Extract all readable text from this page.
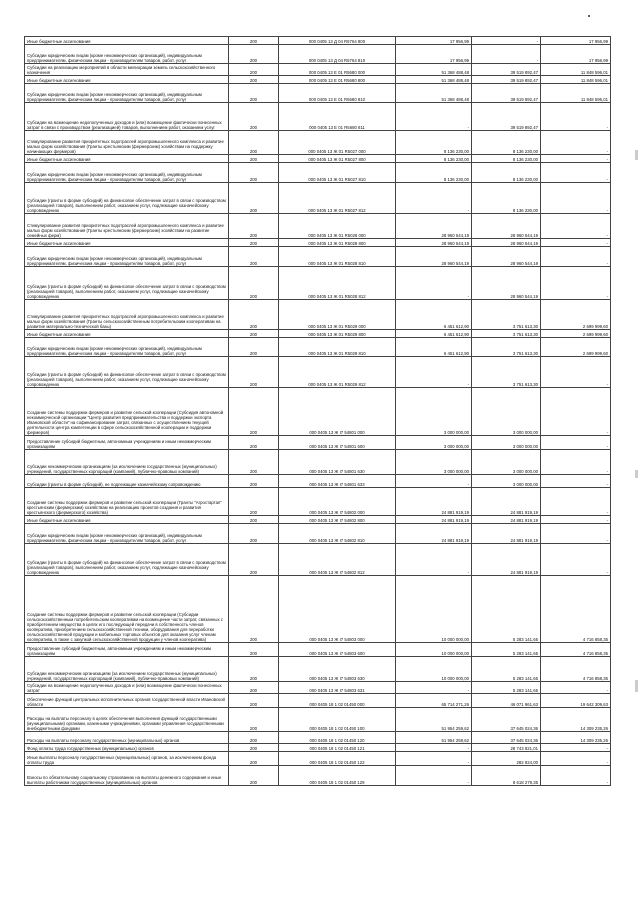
Иные бюджетные ассигнования	200	000 0405 13 Д 04 R5764 800	17 956,99	-	17 956,99
Субсидии юридическим лицам (кроме некоммерческих организаций), индивидуальным предпринимателям, физическим лицам - производителям товаров, работ, услуг	200	000 0405 13 Д 04 R5764 810	17 956,99	-	17 956,99
Субсидии на реализацию мероприятий в области мелиорации земель сельскохозяйственного назначения	200	000 0405 13 Е 01 R5680 000	51 368 488,48	39 519 892,47	11 848 596,01
Иные бюджетные ассигнования	200	000 0405 13 Е 01 R5680 800	51 368 488,48	39 519 892,47	11 848 596,01
Субсидии юридическим лицам (кроме некоммерческих организаций), индивидуальным предпринимателям, физическим лицам - производителям товаров, работ, услуг	200	000 0405 13 Е 01 R5680 810	51 368 488,48	39 519 892,47	11 848 596,01
Субсидии на возмещение недополученных доходов и (или) возмещение фактически понесенных затрат в связи с производством (реализацией) товаров, выполнением работ, оказанием услуг	200	000 0405 13 Е 01 R5680 811	-	39 519 892,47	-
Стимулирование развития приоритетных подотраслей агропромышленного комплекса и развитие малых форм хозяйствования (Гранты крестьянским (фермерским) хозяйствам на поддержку начинающих фермеров)	200	000 0405 13 Ж 01 R5027 000	8 136 230,00	8 136 230,00	-
Иные бюджетные ассигнования	200	000 0405 13 Ж 01 R5027 800	8 136 230,00	8 136 230,00	-
Субсидии юридическим лицам (кроме некоммерческих организаций), индивидуальным предпринимателям, физическим лицам - производителям товаров, работ, услуг	200	000 0405 13 Ж 01 R5027 810	8 136 230,00	8 136 230,00	-
Субсидии (гранты в форме субсидий) на финансовое обеспечение затрат в связи с производством (реализацией товаров), выполнением работ, оказанием услуг, подлежащие казначейскому сопровождению	200	000 0405 13 Ж 01 R5027 812	-	8 136 230,00	-
Стимулирование развития приоритетных подотраслей агропромышленного комплекса и развитие малых форм хозяйствования (Гранты крестьянским (фермерским) хозяйствам на развитие семейных ферм)	200	000 0405 13 Ж 01 R5028 000	28 960 544,19	28 960 544,19	-
Иные бюджетные ассигнования	200	000 0405 13 Ж 01 R5028 800	28 960 544,19	28 960 544,19	-
Субсидии юридическим лицам (кроме некоммерческих организаций), индивидуальным предпринимателям, физическим лицам - производителям товаров, работ, услуг	200	000 0405 13 Ж 01 R5028 810	28 960 544,19	28 960 544,19	-
Субсидии (гранты в форме субсидий) на финансовое обеспечение затрат в связи с производством (реализацией товаров), выполнением работ, оказанием услуг, подлежащие казначейскому сопровождению	200	000 0405 13 Ж 01 R5028 812	-	28 960 544,19	-
Стимулирование развития приоритетных подотраслей агропромышленного комплекса и развитие малых форм хозяйствования (Гранты сельскохозяйственным потребительским кооперативам на развитие материально-технической базы)	200	000 0405 13 Ж 01 R5029 000	6 451 612,90	3 751 613,30	2 699 999,60
Иные бюджетные ассигнования	200	000 0405 13 Ж 01 R5029 800	6 451 612,90	3 751 613,30	2 699 999,60
Субсидии юридическим лицам (кроме некоммерческих организаций), индивидуальным предпринимателям, физическим лицам - производителям товаров, работ, услуг	200	000 0405 13 Ж 01 R5029 810	6 451 612,90	3 751 613,30	2 699 999,60
Субсидии (гранты в форме субсидий) на финансовое обеспечение затрат в связи с производством (реализацией товаров), выполнением работ, оказанием услуг, подлежащие казначейскому сопровождению	200	000 0405 13 Ж 01 R5029 812	-	3 751 613,30	-
Создание системы поддержки фермеров и развитие сельской кооперации (Субсидия автономной некоммерческой организации "Центр развития предпринимательства и поддержки экспорта Ивановской области" на софинансирование затрат, связанных с осуществлением текущей деятельности центра компетенции в сфере сельскохозяйственной кооперации и поддержки фермеров)	200	000 0405 13 Ж I7 54801 000	3 000 000,00	3 000 000,00	-
Предоставление субсидий бюджетным, автономным учреждениям и иным некоммерческим организациям	200	000 0405 13 Ж I7 54801 600	3 000 000,00	3 000 000,00	-
Субсидии некоммерческим организациям (за исключением государственных (муниципальных) учреждений, государственных корпораций (компаний), публично-правовых компаний)	200	000 0405 13 Ж I7 54801 630	3 000 000,00	3 000 000,00	-
Субсидии (гранты в форме субсидий), не подлежащие казначейскому сопровождению	200	000 0405 13 Ж I7 54801 633	-	3 000 000,00	-
Создание системы поддержки фермеров и развитие сельской кооперации (Гранты "Агростартап" крестьянским (фермерским) хозяйствам на реализацию проектов создания и развития крестьянского (фермерского) хозяйства)	200	000 0405 13 Ж I7 54802 000	24 881 919,19	24 881 919,19	-
Иные бюджетные ассигнования	200	000 0405 13 Ж I7 54802 800	24 881 919,19	24 881 919,19	-
Субсидии юридическим лицам (кроме некоммерческих организаций), индивидуальным предпринимателям, физическим лицам - производителям товаров, работ, услуг	200	000 0405 13 Ж I7 54802 810	24 881 919,19	24 881 919,19	-
Субсидии (гранты в форме субсидий) на финансовое обеспечение затрат в связи с производством (реализацией товаров), выполнением работ, оказанием услуг, подлежащие казначейскому сопровождению	200	000 0405 13 Ж I7 54802 812	-	24 881 919,19	-
Создание системы поддержки фермеров и развитие сельской кооперации (Субсидии сельскохозяйственным потребительским кооперативам на возмещение части затрат, связанных с приобретением имущества в целях его последующей передачи в собственность членов кооператива, приобретением сельскохозяйственной техники, оборудования для переработки сельскохозяйственной продукции и мобильных торговых объектов для оказания услуг членам кооператива, в также с закупкой сельскохозяйственной продукции у членов кооператива)	200	000 0405 13 Ж I7 54803 000	10 000 000,00	5 283 141,65	4 716 858,35
Предоставление субсидий бюджетным, автономным учреждениям и иным некоммерческим организациям	200	000 0405 13 Ж I7 54803 600	10 000 000,00	5 283 141,65	4 716 858,35
Субсидии некоммерческим организациям (за исключением государственных (муниципальных) учреждений, государственных корпораций (компаний), публично-правовых компаний)	200	000 0405 13 Ж I7 54803 630	10 000 000,00	5 283 141,65	4 716 858,35
Субсидии на возмещение недополученных доходов и (или) возмещение фактически понесенных затрат	200	000 0405 13 Ж I7 54803 631	-	5 283 141,65	-
Обеспечение функций центральных исполнительных органов государственной власти Ивановской области	200	000 0405 18 1 02 01450 000	65 714 271,26	46 071 961,63	19 642 309,63
Расходы на выплаты персоналу в целях обеспечения выполнения функций государственными (муниципальными) органами, казенными учреждениями, органами управления государственными внебюджетными фондами	200	000 0405 18 1 02 01450 100	51 954 259,62	37 645 024,36	14 309 235,26
Расходы на выплаты персоналу государственных (муниципальных) органов	200	000 0405 18 1 02 01450 120	51 954 259,62	37 645 024,36	14 309 235,26
Фонд оплаты труда государственных (муниципальных) органов	200	000 0405 18 1 02 01450 121	-	28 743 821,01	-
Иные выплаты персоналу государственных (муниципальных) органов, за исключением фонда оплаты труда	200	000 0405 18 1 02 01450 122	-	282 924,00	-
Взносы по обязательному социальному страхованию на выплаты денежного содержания и иные выплаты работникам государственных (муниципальных) органов	200	000 0405 18 1 02 01450 129	-	8 618 279,35	-
